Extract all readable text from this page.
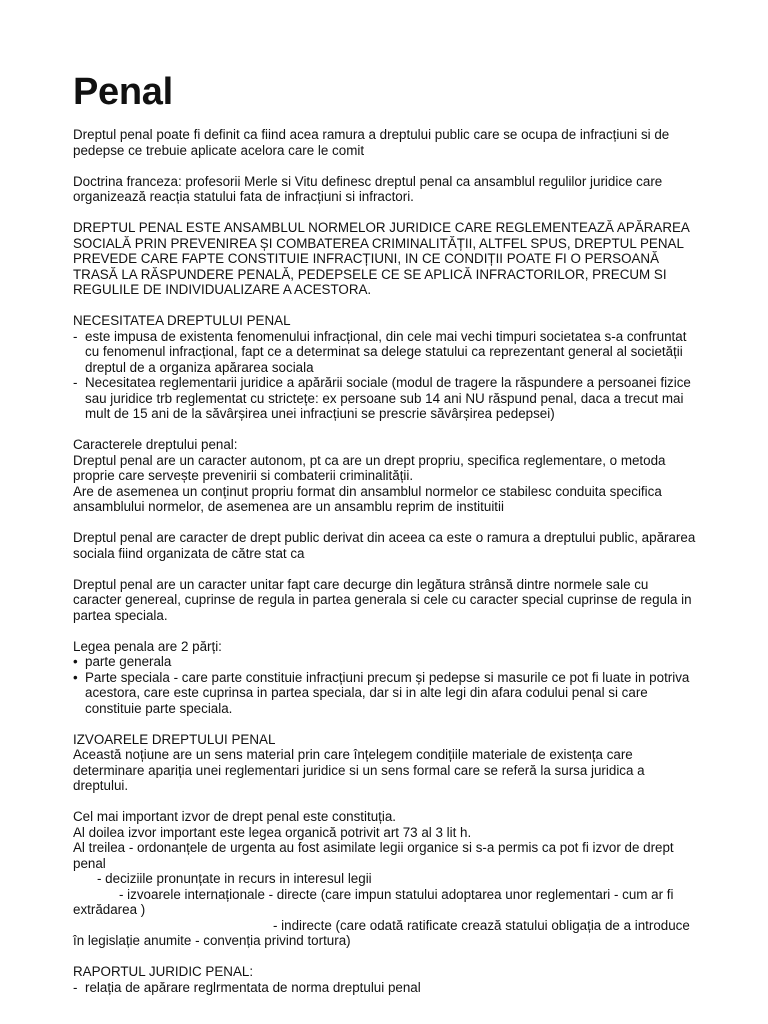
Penal

Dreptul penal poate fi definit ca fiind acea ramura a dreptului public care se ocupa de infracțiuni si de pedepse ce trebuie aplicate acelora care le comit

Doctrina franceza: profesorii Merle si Vitu definesc dreptul penal ca ansamblul regulilor juridice care organizează reacția statului fata de infracțiuni si infractori.

DREPTUL PENAL ESTE ANSAMBLUL NORMELOR JURIDICE CARE REGLEMENTEAZĂ APĂRAREA SOCIALĂ PRIN PREVENIREA ȘI COMBATEREA CRIMINALITĂȚII, ALTFEL SPUS, DREPTUL PENAL PREVEDE CARE FAPTE CONSTITUIE INFRACȚIUNI, IN CE CONDIȚII POATE FI O PERSOANĂ TRASĂ LA RĂSPUNDERE PENALĂ, PEDEPSELE CE SE APLICĂ INFRACTORILOR, PRECUM SI REGULILE DE INDIVIDUALIZARE A ACESTORA.

NECESITATEA DREPTULUI PENAL

- este impusa de existenta fenomenului infracțional, din cele mai vechi timpuri societatea s-a confruntat cu fenomenul infracțional, fapt ce a determinat sa delege statului ca reprezentant general al societății dreptul de a organiza apărarea sociala
- Necesitatea reglementarii juridice a apărării sociale (modul de tragere la răspundere a persoanei fizice sau juridice trb reglementat cu strictețe: ex persoane sub 14 ani NU răspund penal, daca a trecut mai mult de 15 ani de la săvârșirea unei infracțiuni se prescrie săvârșirea pedepsei)

Caracterele dreptului penal:

Dreptul penal are un caracter autonom, pt ca are un drept propriu, specifica reglementare, o metoda proprie care servește prevenirii si combaterii criminalității.

Are de asemenea un conținut propriu format din ansamblul normelor ce stabilesc conduita specifica ansamblului normelor, de asemenea are un ansamblu reprim de instituitii

Dreptul penal are caracter de drept public derivat din aceea ca este o ramura a dreptului public, apărarea sociala fiind organizata de către stat ca

Dreptul penal are un caracter unitar fapt care decurge din legătura strânsă dintre normele sale cu caracter genereal, cuprinse de regula in partea generala si cele cu caracter special cuprinse de regula in partea speciala.

Legea penala are 2 părți:

• parte generala
• Parte speciala - care parte constituie infracțiuni precum și pedepse si masurile ce pot fi luate in potriva acestora, care este cuprinsa in partea speciala, dar si in alte legi din afara codului penal si care constituie parte speciala.

IZVOARELE DREPTULUI PENAL

Această noțiune are un sens material prin care înțelegem condițiile materiale de existența care determinare apariția unei reglementari juridice si un sens formal care se referă la sursa juridica a dreptului.

Cel mai important izvor de drept penal este constituția.

Al doilea izvor important este legea organică potrivit art 73 al 3 lit h.

Al treilea - ordonanțele de urgenta au fost asimilate legii organice si s-a permis ca pot fi izvor de drept penal

- deciziile pronunțate in recurs in interesul legii

- izvoarele internaționale - directe (care impun statului adoptarea unor reglementari - cum ar fi extrădarea )

- indirecte (care odată ratificate crează statului obligația de a introduce în legislație anumite - convenția privind tortura)

RAPORTUL JURIDIC PENAL:

- relația de apărare reglrmentata de norma dreptului penal
